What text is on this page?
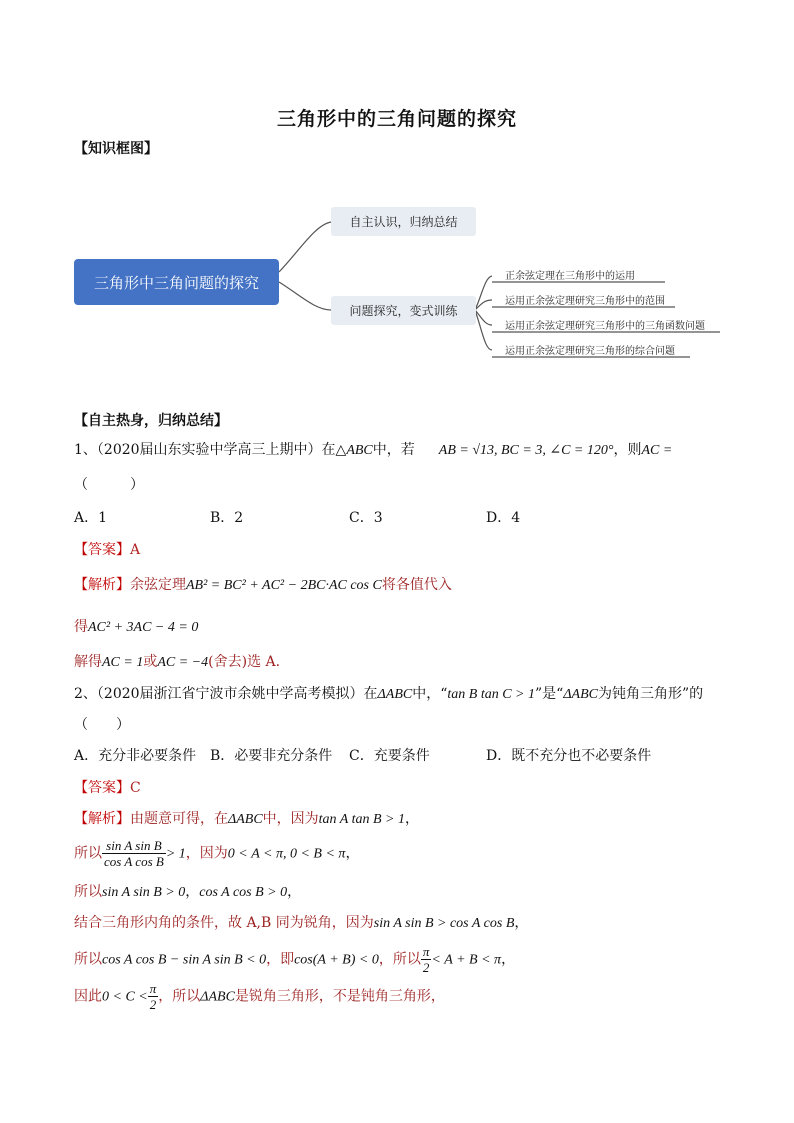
三角形中的三角问题的探究
【知识框图】
三角形中三角问题的探究
自主认识，归纳总结
问题探究，变式训练
正余弦定理在三角形中的运用
运用正余弦定理研究三角形中的范围
运用正余弦定理研究三角形中的三角函数问题
运用正余弦定理研究三角形的综合问题
【自主热身，归纳总结】
1、（2020届山东实验中学高三上期中）在△ABC中，若 AB = √13, BC = 3, ∠C = 120°，则AC =
（　　　）
A．1	B．2	C．3	D．4
【答案】A
【解析】余弦定理AB² = BC² + AC² − 2BC·AC cos C将各值代入
得AC² + 3AC − 4 = 0
解得AC = 1或AC = −4(舍去)选 A.
2、（2020届浙江省宁波市余姚中学高考模拟）在ΔABC中，“tan B tan C > 1”是“ΔABC为钝角三角形”的
（　　）
A．充分非必要条件 B．必要非充分条件 C．充要条件	D．既不充分也不必要条件
【答案】C
【解析】由题意可得，在ΔABC中，因为tan A tan B > 1，
所以 $\frac{\text{sin A sin B}}{\text{cos A cos B}} > 1$，因为0 < A < π, 0 < B < π，
所以sin A sin B > 0，cos A cos B > 0，
结合三角形内角的条件，故 A,B 同为锐角，因为sin A sin B > cos A cos B，
所以cos A cos B − sin A sin B < 0，即cos(A + B) < 0，所以 $\frac{\pi}{2} < A + B < \pi$，
因此$0 < C < \frac{\pi}{2}$ ，所以ΔABC是锐角三角形，不是钝角三角形，
